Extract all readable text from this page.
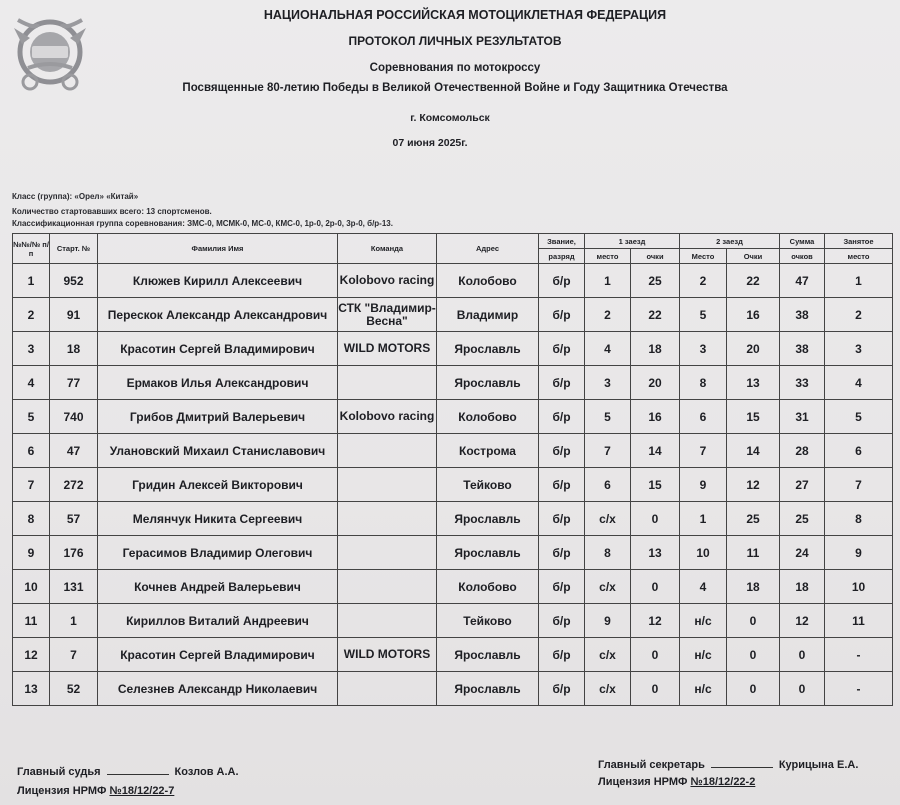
НАЦИОНАЛЬНАЯ РОССИЙСКАЯ МОТОЦИКЛЕТНАЯ ФЕДЕРАЦИЯ
ПРОТОКОЛ ЛИЧНЫХ РЕЗУЛЬТАТОВ
Соревнования по мотокроссу
Посвященные 80-летию Победы в Великой Отечественной Войне и Году Защитника Отечества
г. Комсомольск
07 июня 2025г.
Класс (группа): «Орел» «Китай»
Количество стартовавших всего: 13 спортсменов.
Классификационная группа соревнования: ЗМС-0, МСМК-0, МС-0, КМС-0, 1р-0, 2р-0, 3р-0, б/р-13.
№№/№ п/п	Старт. №	Фамилия Имя	Команда	Адрес	Звание,	1 заезд		2 заезд		Сумма	Занятое
					разряд	место	очки	Место	Очки	очков	место
1	952	Клюжев Кирилл Алексеевич	Kolobovo racing	Колобово	б/р	1	25	2	22	47	1
2	91	Перескок Александр Александрович	СТК "Владимир-Весна"	Владимир	б/р	2	22	5	16	38	2
3	18	Красотин Сергей Владимирович	WILD MOTORS	Ярославль	б/р	4	18	3	20	38	3
4	77	Ермаков Илья Александрович		Ярославль	б/р	3	20	8	13	33	4
5	740	Грибов Дмитрий Валерьевич	Kolobovo racing	Колобово	б/р	5	16	6	15	31	5
6	47	Улановский Михаил Станиславович		Кострома	б/р	7	14	7	14	28	6
7	272	Гридин Алексей Викторович		Тейково	б/р	6	15	9	12	27	7
8	57	Мелянчук Никита Сергеевич		Ярославль	б/р	с/х	0	1	25	25	8
9	176	Герасимов Владимир Олегович		Ярославль	б/р	8	13	10	11	24	9
10	131	Кочнев Андрей Валерьевич		Колобово	б/р	с/х	0	4	18	18	10
11	1	Кириллов Виталий Андреевич		Тейково	б/р	9	12	н/с	0	12	11
12	7	Красотин Сергей Владимирович	WILD MOTORS	Ярославль	б/р	с/х	0	н/с	0	0	-
13	52	Селезнев Александр Николаевич		Ярославль	б/р	с/х	0	н/с	0	0	-
Главный судья	Козлов А.А.
Лицензия НРМФ №18/12/22-7
Главный секретарь	Курицына Е.А.
Лицензия НРМФ №18/12/22-2
